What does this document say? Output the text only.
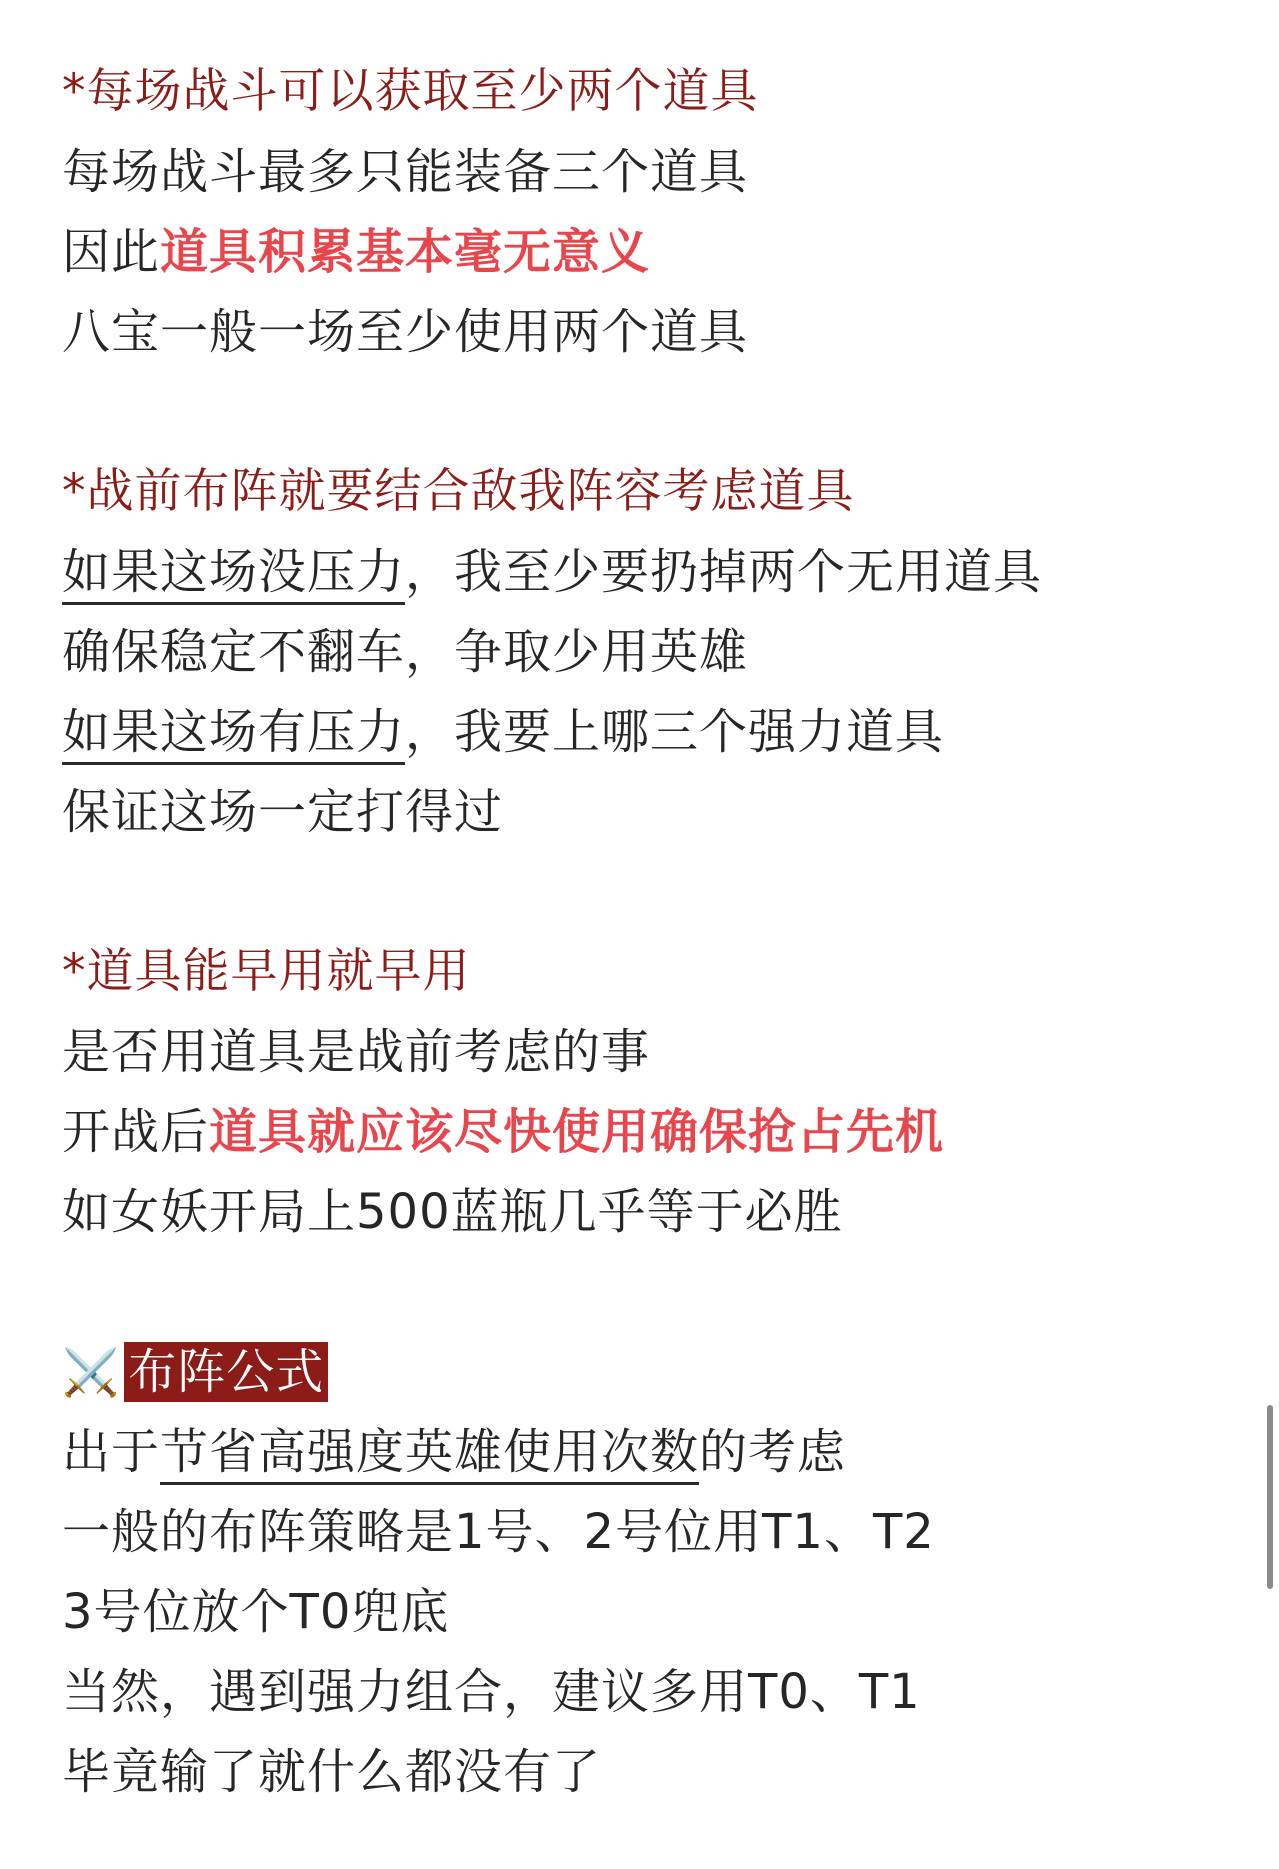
*每场战斗可以获取至少两个道具
每场战斗最多只能装备三个道具
因此道具积累基本毫无意义
八宝一般一场至少使用两个道具
*战前布阵就要结合敌我阵容考虑道具
如果这场没压力，我至少要扔掉两个无用道具
确保稳定不翻车，争取少用英雄
如果这场有压力，我要上哪三个强力道具
保证这场一定打得过
*道具能早用就早用
是否用道具是战前考虑的事
开战后道具就应该尽快使用确保抢占先机
如女妖开局上500蓝瓶几乎等于必胜
⚔️ 布阵公式
出于节省高强度英雄使用次数的考虑
一般的布阵策略是1号、2号位用T1、T2
3号位放个T0兜底
当然，遇到强力组合，建议多用T0、T1
毕竟输了就什么都没有了
